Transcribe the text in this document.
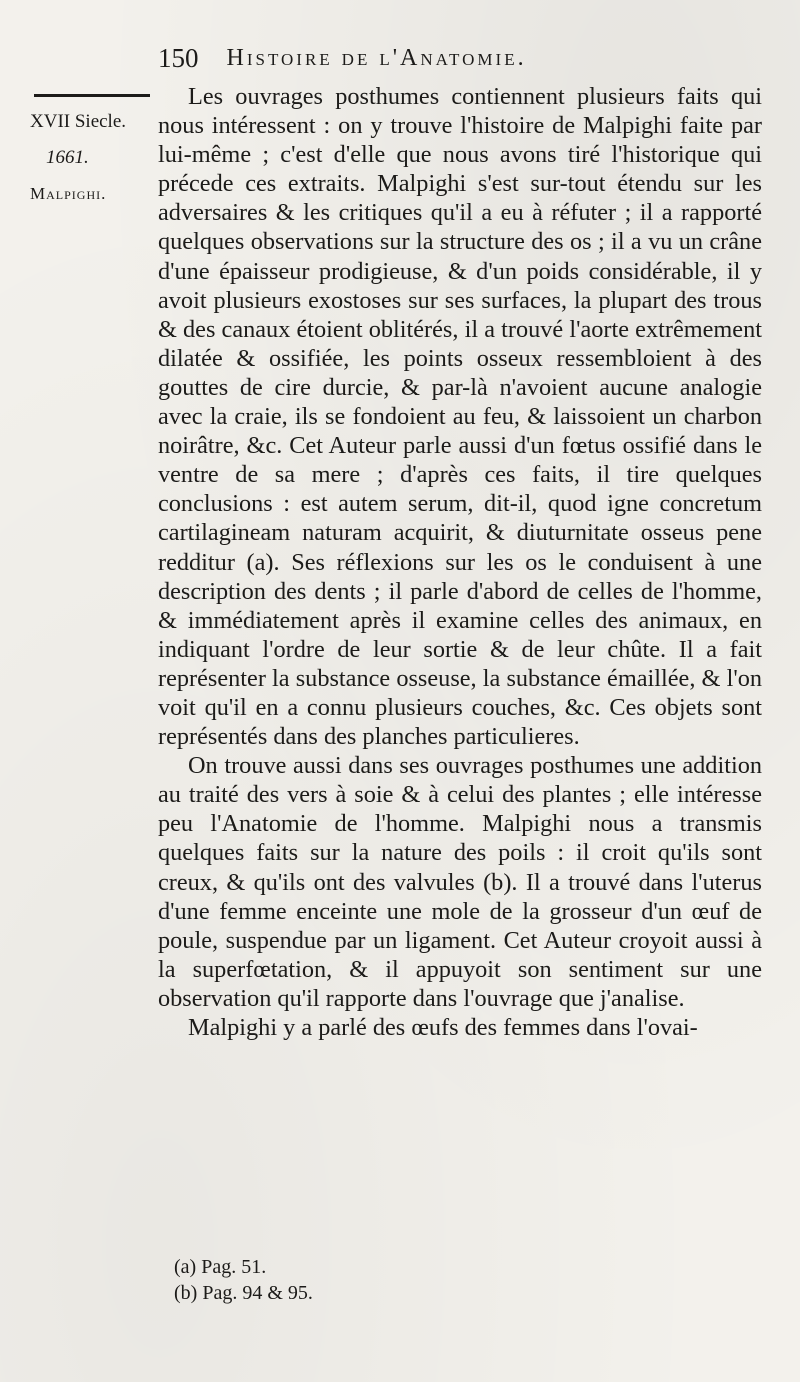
150 Histoire de l'Anatomie.
XVII Siecle.
1661.
Malpighi.

Les ouvrages posthumes contiennent plusieurs faits qui nous intéressent : on y trouve l'histoire de Malpighi faite par lui-même ; c'est d'elle que nous avons tiré l'historique qui précede ces extraits. Malpighi s'est sur-tout étendu sur les adversaires & les critiques qu'il a eu à réfuter ; il a rapporté quelques observations sur la structure des os ; il a vu un crâne d'une épaisseur prodigieuse, & d'un poids considérable, il y avoit plusieurs exostoses sur ses surfaces, la plupart des trous & des canaux étoient oblitérés, il a trouvé l'aorte extrêmement dilatée & ossifiée, les points osseux ressembloient à des gouttes de cire durcie, & par-là n'avoient aucune analogie avec la craie, ils se fondoient au feu, & laissoient un charbon noirâtre, &c. Cet Auteur parle aussi d'un fœtus ossifié dans le ventre de sa mere ; d'après ces faits, il tire quelques conclusions : est autem serum, dit-il, quod igne concretum cartilagineam naturam acquirit, & diuturnitate osseus pene redditur (a). Ses réflexions sur les os le conduisent à une description des dents ; il parle d'abord de celles de l'homme, & immédiatement après il examine celles des animaux, en indiquant l'ordre de leur sortie & de leur chûte. Il a fait représenter la substance osseuse, la substance émaillée, & l'on voit qu'il en a connu plusieurs couches, &c. Ces objets sont représentés dans des planches particulieres.

On trouve aussi dans ses ouvrages posthumes une addition au traité des vers à soie & à celui des plantes ; elle intéresse peu l'Anatomie de l'homme. Malpighi nous a transmis quelques faits sur la nature des poils : il croit qu'ils sont creux, & qu'ils ont des valvules (b). Il a trouvé dans l'uterus d'une femme enceinte une mole de la grosseur d'un œuf de poule, suspendue par un ligament. Cet Auteur croyoit aussi à la superfœtation, & il appuyoit son sentiment sur une observation qu'il rapporte dans l'ouvrage que j'analise.

Malpighi y a parlé des œufs des femmes dans l'ovai-

(a) Pag. 51.
(b) Pag. 94 & 95.
